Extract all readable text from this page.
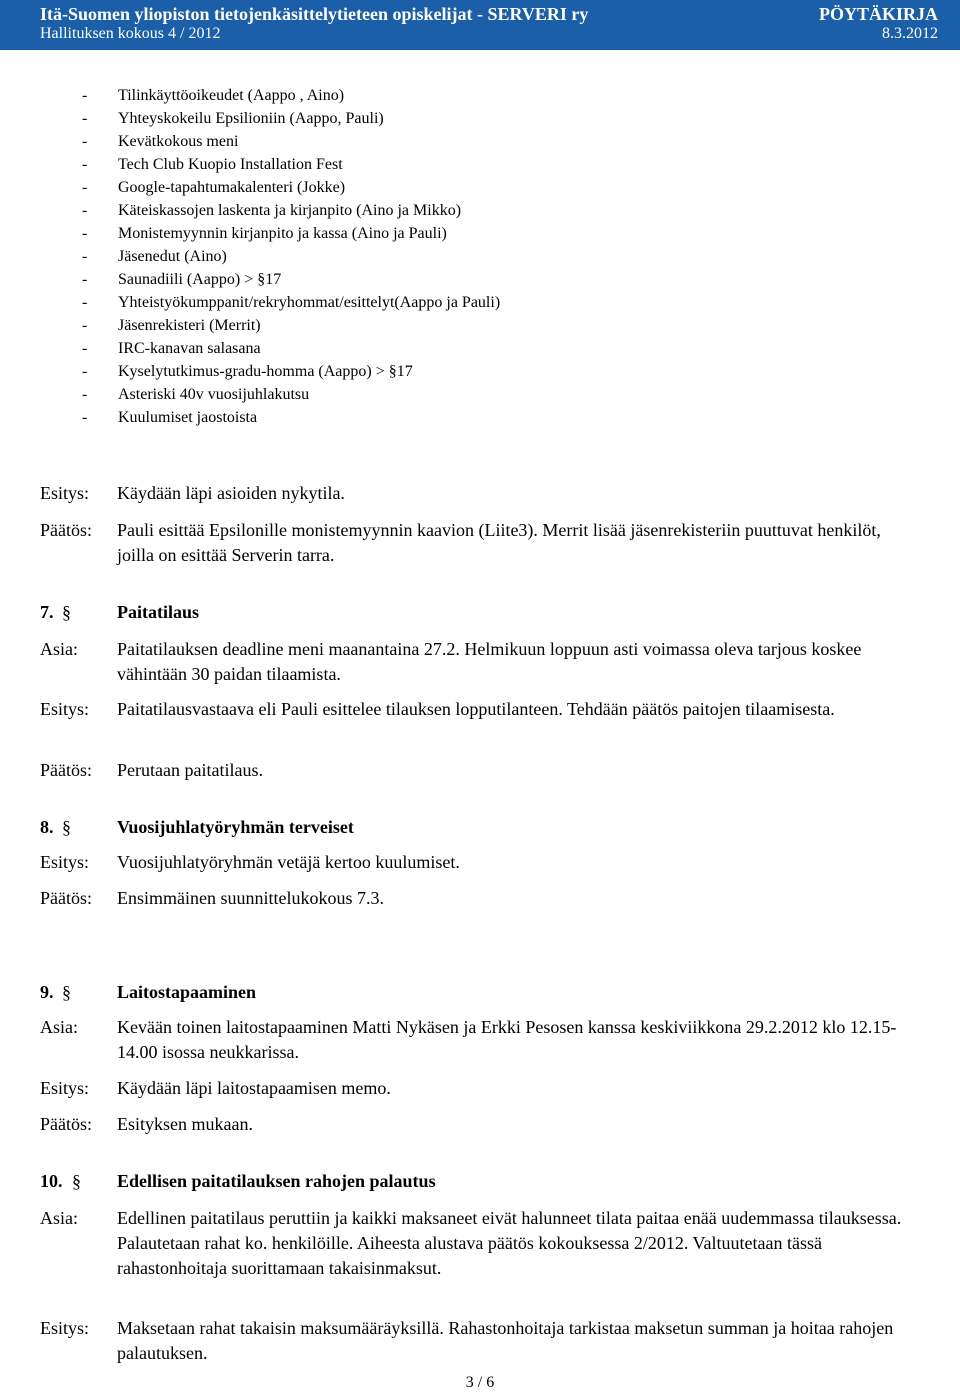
Itä-Suomen yliopiston tietojenkäsittelytieteen opiskelijat - SERVERI ry	PÖYTÄKIRJA
Hallituksen kokous 4 / 2012	8.3.2012
- Tilinkäyttöoikeudet (Aappo , Aino)
- Yhteyskokeilu Epsilioniin (Aappo, Pauli)
- Kevätkokous meni
- Tech Club Kuopio Installation Fest
- Google-tapahtumakalenteri (Jokke)
- Käteiskassojen laskenta ja kirjanpito (Aino ja Mikko)
- Monistemyynnin kirjanpito ja kassa (Aino ja Pauli)
- Jäsenedut (Aino)
- Saunadiili (Aappo) > §17
- Yhteistyökumppanit/rekryhommat/esittelyt(Aappo ja Pauli)
- Jäsenrekisteri (Merrit)
- IRC-kanavan salasana
- Kyselytutkimus-gradu-homma (Aappo) > §17
- Asteriski 40v vuosijuhlakutsu
- Kuulumiset jaostoista
Esitys: Käydään läpi asioiden nykytila.
Päätös: Pauli esittää Epsilonille monistemyynnin kaavion (Liite3). Merrit lisää jäsenrekisteriin puuttuvat henkilöt, joilla on esittää Serverin tarra.
7. §	Paitatilaus
Asia: Paitatilauksen deadline meni maanantaina 27.2. Helmikuun loppuun asti voimassa oleva tarjous koskee vähintään 30 paidan tilaamista.
Esitys: Paitatilausvastaava eli Pauli esittelee tilauksen lopputilanteen. Tehdään päätös paitojen tilaamisesta.
Päätös: Perutaan paitatilaus.
8. §	Vuosijuhlatyöryhmän terveiset
Esitys: Vuosijuhlatyöryhmän vetäjä kertoo kuulumiset.
Päätös: Ensimmäinen suunnittelukokous 7.3.
9. §	Laitostapaaminen
Asia: Kevään toinen laitostapaaminen Matti Nykäsen ja Erkki Pesosen kanssa keskiviikkona 29.2.2012 klo 12.15-14.00 isossa neukkarissa.
Esitys: Käydään läpi laitostapaamisen memo.
Päätös: Esityksen mukaan.
10. § Edellisen paitatilauksen rahojen palautus
Asia: Edellinen paitatilaus peruttiin ja kaikki maksaneet eivät halunneet tilata paitaa enää uudemmassa tilauksessa. Palautetaan rahat ko. henkilöille. Aiheesta alustava päätös kokouksessa 2/2012. Valtuutetaan tässä rahastonhoitaja suorittamaan takaisinmaksut.
Esitys: Maksetaan rahat takaisin maksumääräyksillä. Rahastonhoitaja tarkistaa maksetun summan ja hoitaa rahojen palautuksen.
3 / 6
